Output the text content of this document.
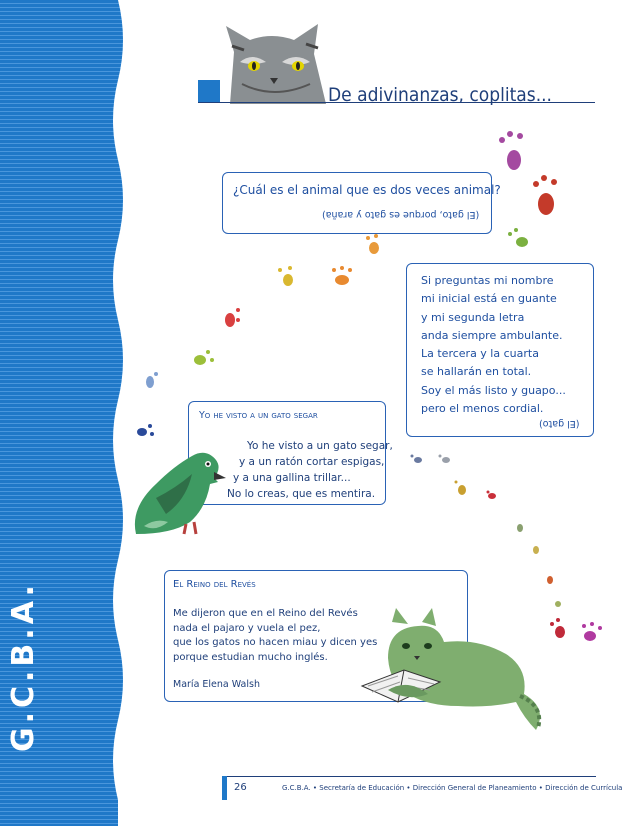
G.C.B.A.
De adivinanzas, coplitas...
¿Cuál es el animal que es dos veces animal?
(El gato, porque es gato y araña)
Si preguntas mi nombre
mi inicial está en guante
y mi segunda letra
anda siempre ambulante.
La tercera y la cuarta
se hallarán en total.
Soy el más listo y guapo...
pero el menos cordial.
(El gato)
Yo he visto a un gato segar
Yo he visto a un gato segar,
y a un ratón cortar espigas,
y a una gallina trillar...
No lo creas, que es mentira.
El Reino del Revés
Me dijeron que en el Reino del Revés
nada el pajaro y vuela el pez,
que los gatos no hacen miau y dicen yes
porque estudian mucho inglés.
María Elena Walsh
26	G.C.B.A. • Secretaría de Educación • Dirección General de Planeamiento • Dirección de Currícula
